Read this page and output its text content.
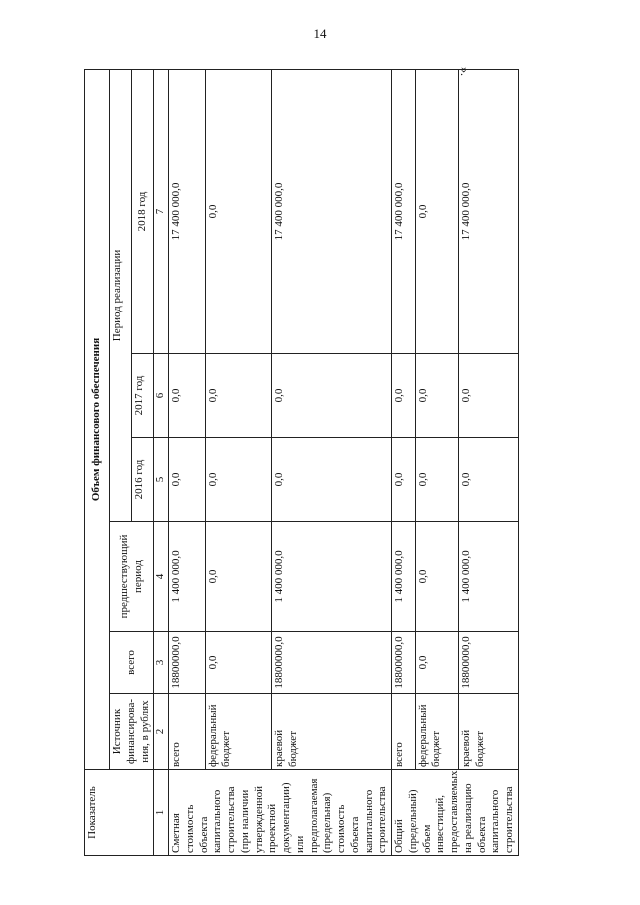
14
Показатель	Объем финансового обеспечения					
	Источник финансирова-ния, в рублях	всего	предшествующий период	Период реализации		
				2016 год	2017 год	2018 год

1	2	3	4	5	6	7
Сметная стоимость объекта капитального строительства (при наличии утвержденной проектной документации) или предполагаемая (предельная) стоимость объекта капитального строительства	всего	18800000,0	1 400 000,0	0,0	0,0	17 400 000,0
	федеральный бюджет	0,0	0,0	0,0	0,0	0,0
	краевой бюджет	18800000,0	1 400 000,0	0,0	0,0	17 400 000,0
Общий (предельный) объем инвестиций, предоставляемых на реализацию объекта капитального строительства	всего	18800000,0	1 400 000,0	0,0	0,0	17 400 000,0
	федеральный бюджет	0,0	0,0	0,0	0,0	0,0
	краевой бюджет	18800000,0	1 400 000,0	0,0	0,0	17 400 000,0
».
